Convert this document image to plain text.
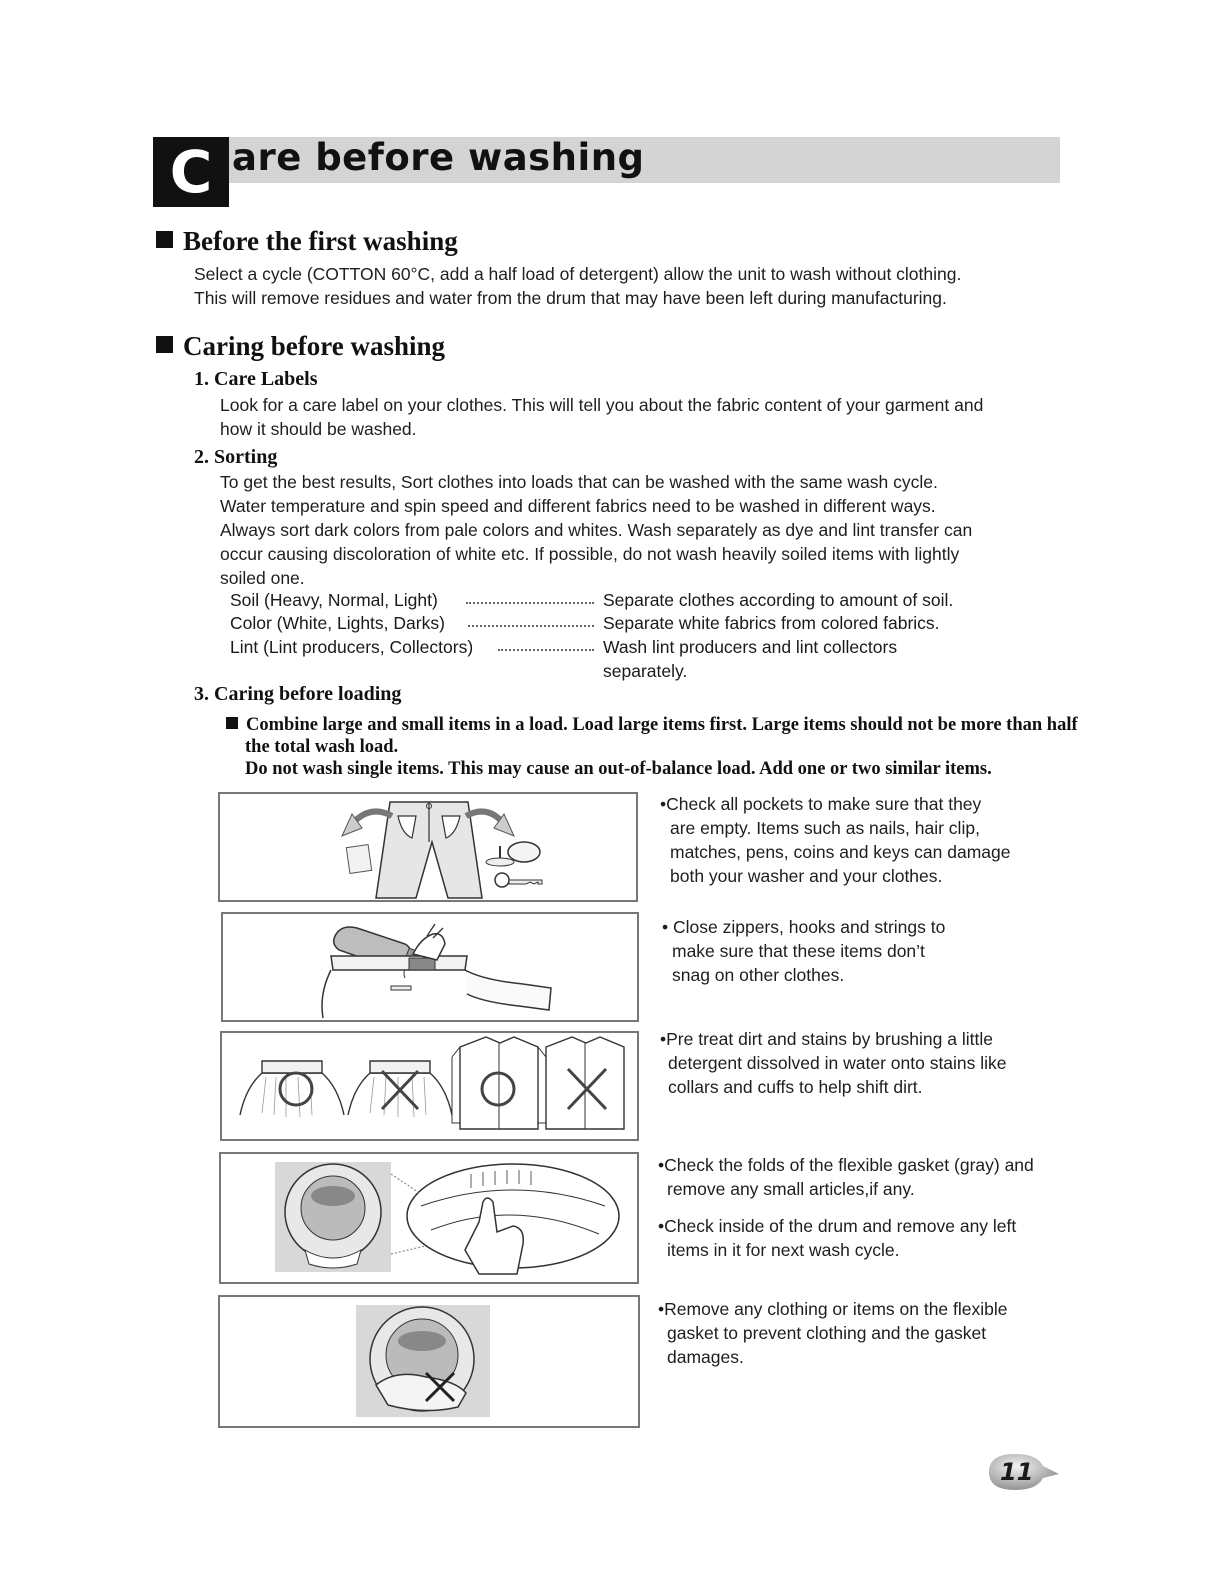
C are before washing
Before the first washing
Select a cycle (COTTON 60°C, add a half load of detergent) allow the unit to wash without clothing.
This will remove residues and water from the drum that may have been left during manufacturing.
Caring before washing
1. Care Labels
Look for a care label on your clothes. This will tell you about the fabric content of your garment and
how it should be washed.
2. Sorting
To get the best results, Sort clothes into loads that can be washed with the same wash cycle.
Water temperature and spin speed and different fabrics need to be washed in different ways.
Always sort dark colors from pale colors and whites. Wash separately as dye and lint transfer can
occur causing discoloration of white etc. If possible, do not wash heavily soiled items with lightly
soiled one.
Soil (Heavy, Normal, Light)	Separate clothes according to amount of soil.
Color (White, Lights, Darks)	Separate white fabrics from colored fabrics.
Lint (Lint producers, Collectors)	Wash lint producers and lint collectors
separately.
3. Caring before loading
Combine large and small items in a load. Load large items first. Large items should not be more than half
the total wash load.
Do not wash single items. This may cause an out-of-balance load. Add one or two similar items.
•Check all pockets to make sure that they
are empty. Items such as nails, hair clip,
matches, pens, coins and keys can damage
both your washer and your clothes.
• Close zippers, hooks and strings to
make sure that these items don’t
snag on other clothes.
•Pre treat dirt and stains by brushing a little
detergent dissolved in water onto stains like
collars and cuffs to help shift dirt.
•Check the folds of the flexible gasket (gray) and
remove any small articles,if any.
•Check inside of the drum and remove any left
items in it for next wash cycle.
•Remove any clothing or items on the flexible
gasket to prevent clothing and the gasket
damages.
11
